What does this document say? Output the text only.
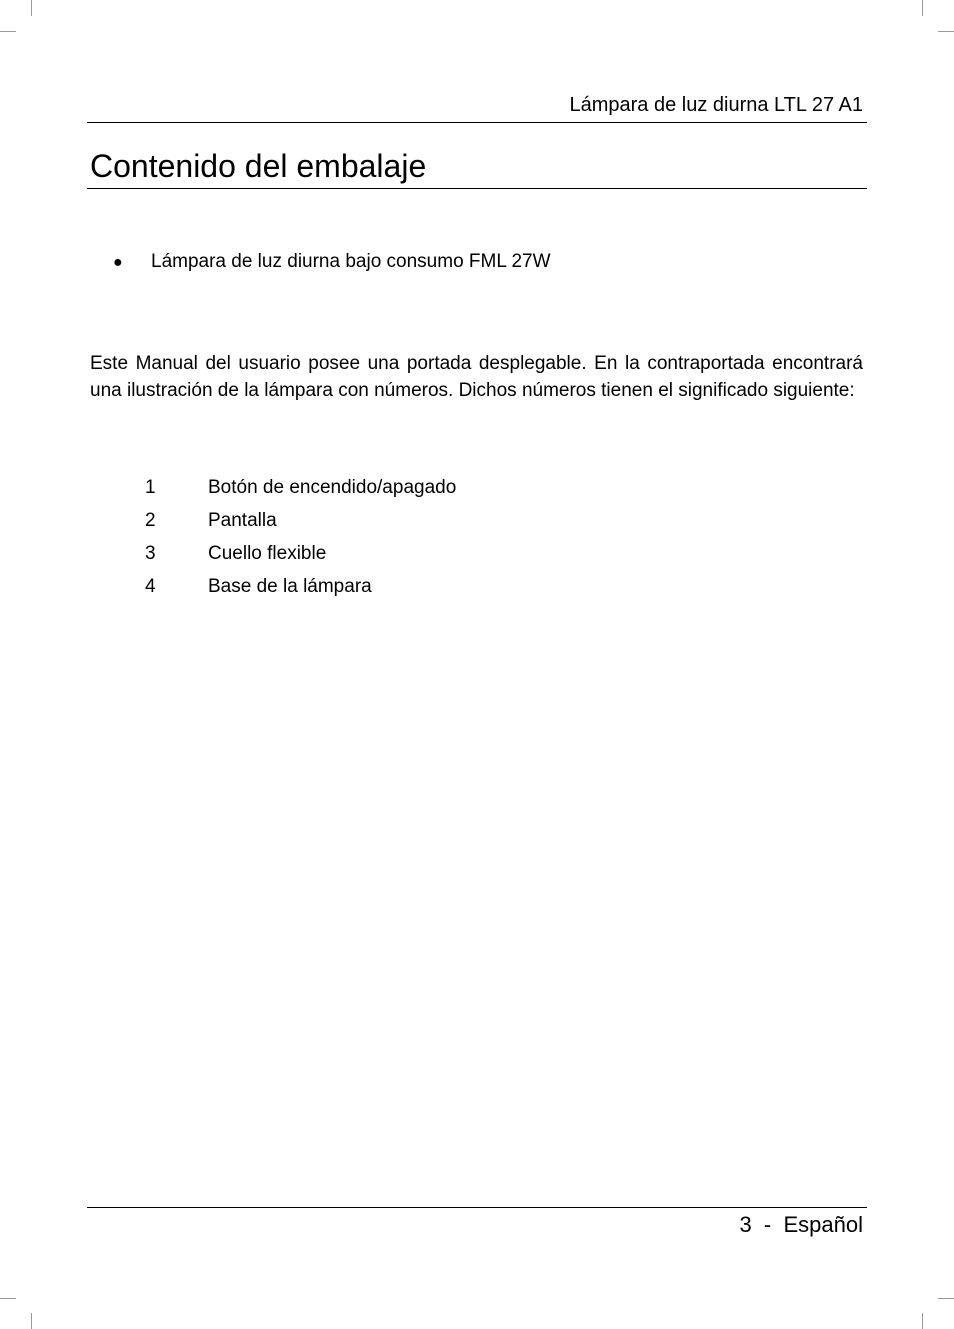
Lámpara de luz diurna LTL 27 A1
Contenido del embalaje
● Lámpara de luz diurna bajo consumo FML 27W

Este Manual del usuario posee una portada desplegable. En la contraportada encontrará una ilustración de la lámpara con números. Dichos números tienen el significado siguiente:

1	Botón de encendido/apagado
2	Pantalla
3	Cuello flexible
4	Base de la lámpara
3 - Español
